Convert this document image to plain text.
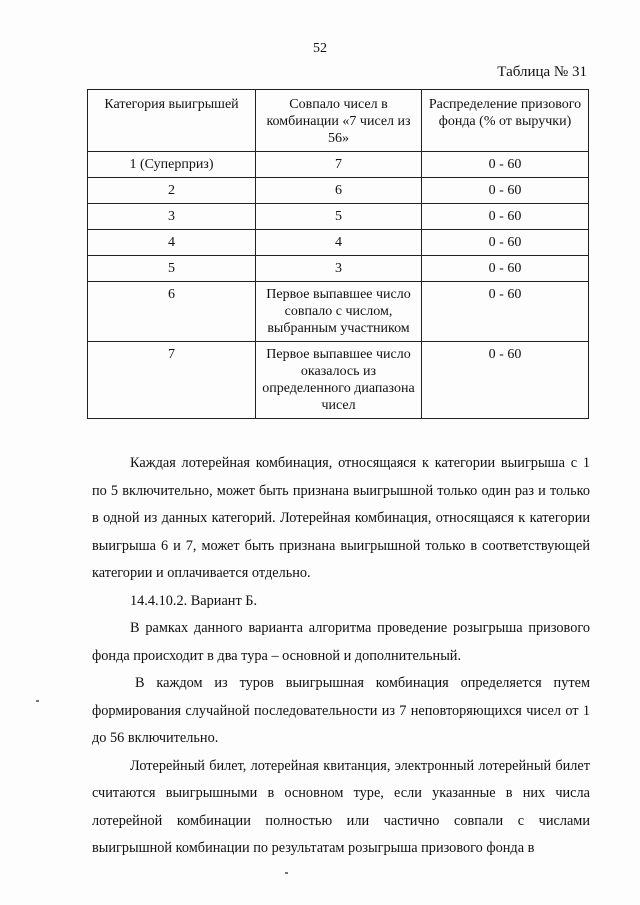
52
Таблица № 31
Категория выигрышей	Совпало чисел в комбинации «7 чисел из 56»	Распределение призового фонда (% от выручки)
1 (Суперприз)	7	0 - 60
2	6	0 - 60
3	5	0 - 60
4	4	0 - 60
5	3	0 - 60
6	Первое выпавшее число совпало с числом, выбранным участником	0 - 60
7	Первое выпавшее число оказалось из определенного диапазона чисел	0 - 60

Каждая лотерейная комбинация, относящаяся к категории выигрыша с 1 по 5 включительно, может быть признана выигрышной только один раз и только в одной из данных категорий. Лотерейная комбинация, относящаяся к категории выигрыша 6 и 7, может быть признана выигрышной только в соответствующей категории и оплачивается отдельно.

14.4.10.2. Вариант Б.

В рамках данного варианта алгоритма проведение розыгрыша призового фонда происходит в два тура – основной и дополнительный.

В каждом из туров выигрышная комбинация определяется путем формирования случайной последовательности из 7 неповторяющихся чисел от 1 до 56 включительно.

Лотерейный билет, лотерейная квитанция, электронный лотерейный билет считаются выигрышными в основном туре, если указанные в них числа лотерейной комбинации полностью или частично совпали с числами выигрышной комбинации по результатам розыгрыша призового фонда в
